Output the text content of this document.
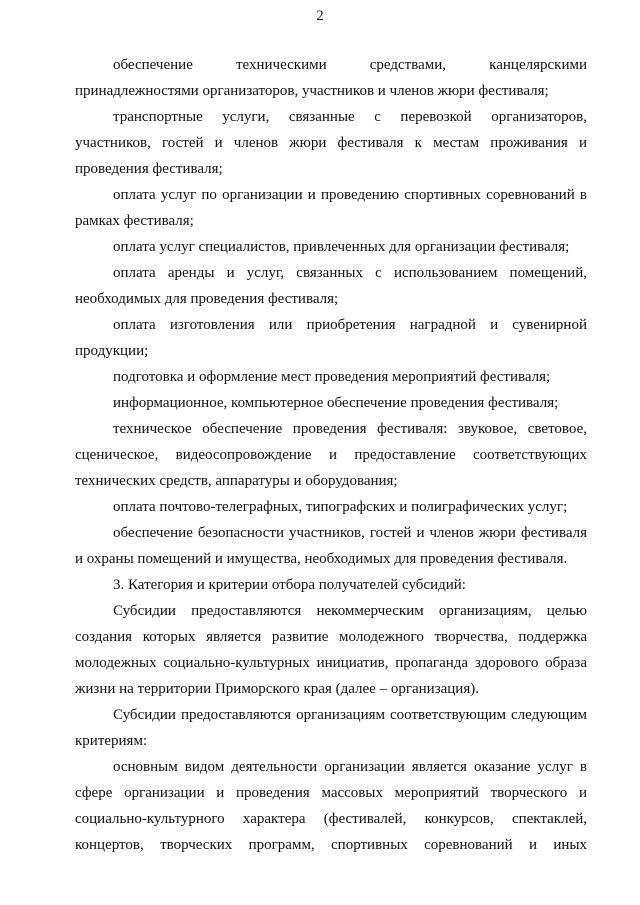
2

обеспечение техническими средствами, канцелярскими принадлежностями организаторов, участников и членов жюри фестиваля;

транспортные услуги, связанные с перевозкой организаторов, участников, гостей и членов жюри фестиваля к местам проживания и проведения фестиваля;

оплата услуг по организации и проведению спортивных соревнований в рамках фестиваля;

оплата услуг специалистов, привлеченных для организации фестиваля;

оплата аренды и услуг, связанных с использованием помещений, необходимых для проведения фестиваля;

оплата изготовления или приобретения наградной и сувенирной продукции;

подготовка и оформление мест проведения мероприятий фестиваля;

информационное, компьютерное обеспечение проведения фестиваля;

техническое обеспечение проведения фестиваля: звуковое, световое, сценическое, видеосопровождение и предоставление соответствующих технических средств, аппаратуры и оборудования;

оплата почтово-телеграфных, типографских и полиграфических услуг;

обеспечение безопасности участников, гостей и членов жюри фестиваля и охраны помещений и имущества, необходимых для проведения фестиваля.

3. Категория и критерии отбора получателей субсидий:

Субсидии предоставляются некоммерческим организациям, целью создания которых является развитие молодежного творчества, поддержка молодежных социально-культурных инициатив, пропаганда здорового образа жизни на территории Приморского края (далее – организация).

Субсидии предоставляются организациям соответствующим следующим критериям:

основным видом деятельности организации является оказание услуг в сфере организации и проведения массовых мероприятий творческого и социально-культурного характера (фестивалей, конкурсов, спектаклей, концертов, творческих программ, спортивных соревнований и иных
